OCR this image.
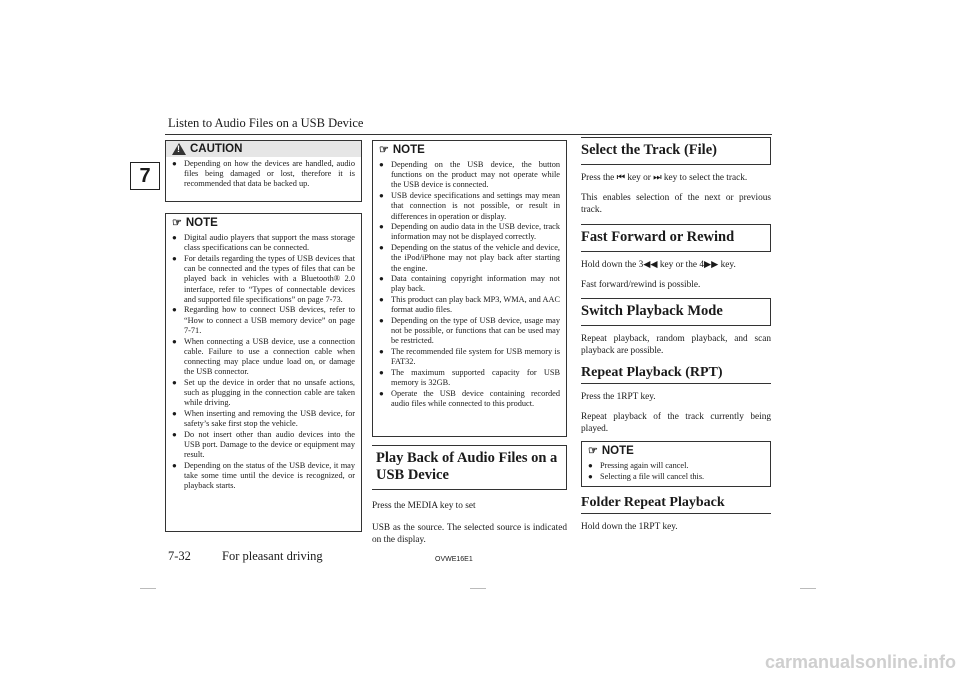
Listen to Audio Files on a USB Device
7
!
CAUTION
● Depending on how the devices are handled, audio files being damaged or lost, therefore it is recommended that data be backed up.
☞ NOTE
● Digital audio players that support the mass storage class specifications can be connected.
● For details regarding the types of USB devices that can be connected and the types of files that can be played back in vehicles with a Bluetooth® 2.0 interface, refer to “Types of connectable devices and supported file specifications” on page 7-73.
● Regarding how to connect USB devices, refer to “How to connect a USB memory device” on page 7-71.
● When connecting a USB device, use a connection cable. Failure to use a connection cable when connecting may place undue load on, or damage the USB connector.
● Set up the device in order that no unsafe actions, such as plugging in the connection cable are taken while driving.
● When inserting and removing the USB device, for safety’s sake first stop the vehicle.
● Do not insert other than audio devices into the USB port. Damage to the device or equipment may result.
● Depending on the status of the USB device, it may take some time until the device is recognized, or playback starts.
☞ NOTE
● Depending on the USB device, the button functions on the product may not operate while the USB device is connected.
● USB device specifications and settings may mean that connection is not possible, or result in differences in operation or display.
● Depending on audio data in the USB device, track information may not be displayed correctly.
● Depending on the status of the vehicle and device, the iPod/iPhone may not play back after starting the engine.
● Data containing copyright information may not play back.
● This product can play back MP3, WMA, and AAC format audio files.
● Depending on the type of USB device, usage may not be possible, or functions that can be used may be restricted.
● The recommended file system for USB memory is FAT32.
● The maximum supported capacity for USB memory is 32GB.
● Operate the USB device containing recorded audio files while connected to this product.
Play Back of Audio Files on a USB Device
Press the MEDIA key to set
USB as the source. The selected source is indicated on the display.
Select the Track (File)
Press the ⏮ key or ⏭ key to select the track.
This enables selection of the next or previous track.
Fast Forward or Rewind
Hold down the 3◀◀ key or the 4▶▶ key.
Fast forward/rewind is possible.
Switch Playback Mode
Repeat playback, random playback, and scan playback are possible.
Repeat Playback (RPT)
Press the 1RPT key.
Repeat playback of the track currently being played.
☞ NOTE
● Pressing again will cancel.
● Selecting a file will cancel this.
Folder Repeat Playback
Hold down the 1RPT key.
7-32 For pleasant driving	OVWE16E1
carmanualsonline.info
